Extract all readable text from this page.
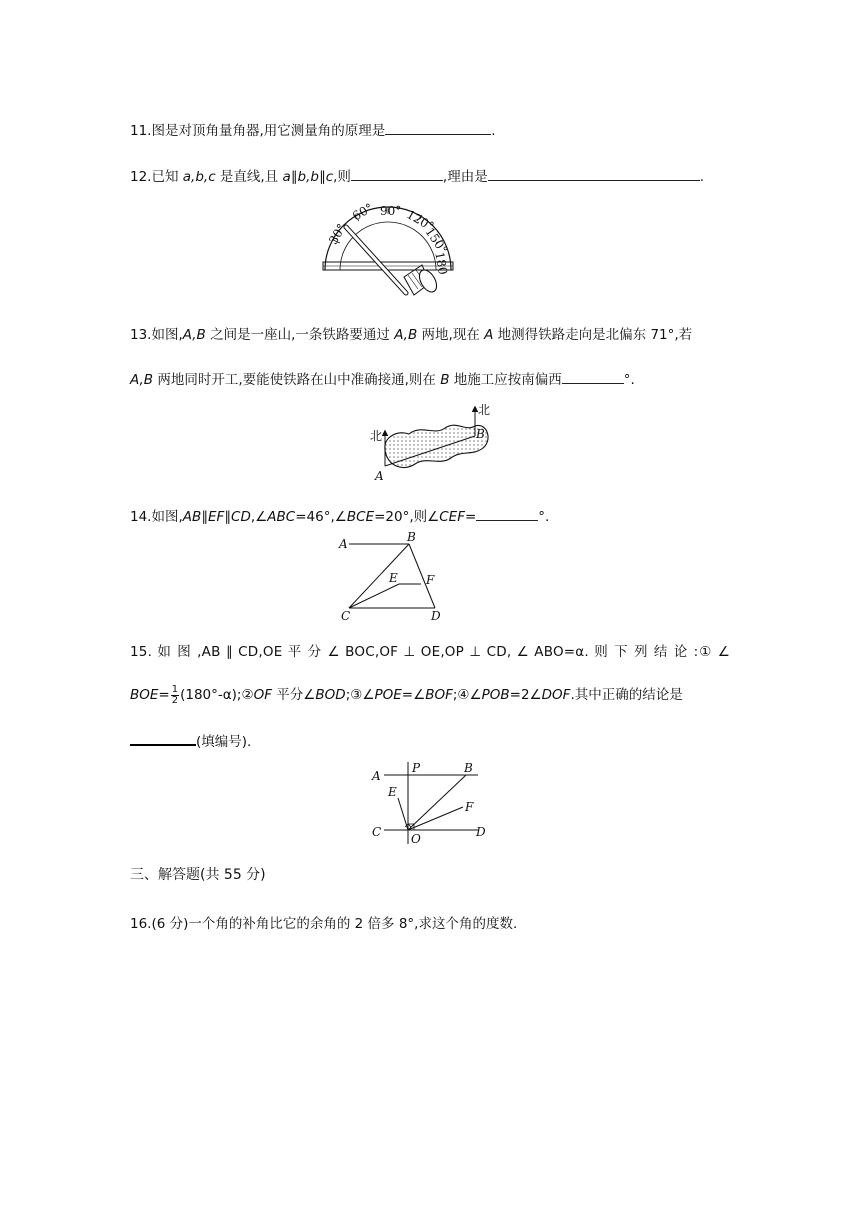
11.图是对顶角量角器,用它测量角的原理是	.
12.已知 a,b,c 是直线,且 a∥b,b∥c,则	,理由是	.
30°
60° 90° 120°
150°
180
13.如图,A,B 之间是一座山,一条铁路要通过 A,B 两地,现在 A 地测得铁路走向是北偏东 71°,若
A,B 两地同时开工,要能使铁路在山中准确接通,则在 B 地施工应按南偏西	°.
北
北
A
B
14.如图,AB∥EF∥CD,∠ABC=46°,∠BCE=20°,则∠CEF=	°.
A	B
C	D
E F
15. 如 图 ,AB ∥ CD,OE 平 分 ∠ BOC,OF ⊥ OE,OP ⊥ CD, ∠ ABO=α. 则 下 列 结 论 :① ∠
$BOE= \frac{1}{2}$ (180°-α);②OF 平分∠BOD;③∠POE=∠BOF;④∠POB=2∠DOF.其中正确的结论是
(填编号).
A
P	B
E
F
C O	D
三、解答题(共 55 分)
16.(6 分)一个角的补角比它的余角的 2 倍多 8°,求这个角的度数.
